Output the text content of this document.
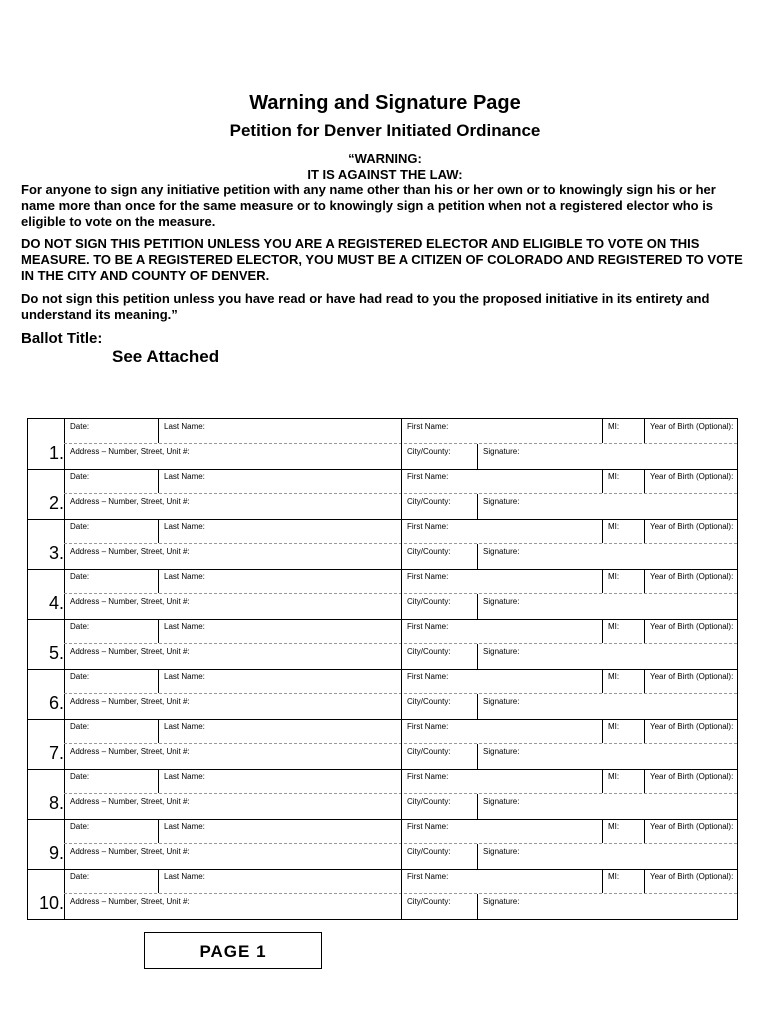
Warning and Signature Page
Petition for Denver Initiated Ordinance
“WARNING:
IT IS AGAINST THE LAW:
For anyone to sign any initiative petition with any name other than his or her own or to knowingly sign his or her name more than once for the same measure or to knowingly sign a petition when not a registered elector who is eligible to vote on the measure.
DO NOT SIGN THIS PETITION UNLESS YOU ARE A REGISTERED ELECTOR AND ELIGIBLE TO VOTE ON THIS MEASURE. TO BE A REGISTERED ELECTOR, YOU MUST BE A CITIZEN OF COLORADO AND REGISTERED TO VOTE IN THE CITY AND COUNTY OF DENVER.
Do not sign this petition unless you have read or have had read to you the proposed initiative in its entirety and understand its meaning.”
Ballot Title:
See Attached
1.
Date:	Last Name:	First Name:	MI:	Year of Birth (Optional):
Address – Number, Street, Unit #:	City/County:	Signature:
2.
Date:	Last Name:	First Name:	MI:	Year of Birth (Optional):
Address – Number, Street, Unit #:	City/County:	Signature:
3.
Date:	Last Name:	First Name:	MI:	Year of Birth (Optional):
Address – Number, Street, Unit #:	City/County:	Signature:
4.
Date:	Last Name:	First Name:	MI:	Year of Birth (Optional):
Address – Number, Street, Unit #:	City/County:	Signature:
5.
Date:	Last Name:	First Name:	MI:	Year of Birth (Optional):
Address – Number, Street, Unit #:	City/County:	Signature:
6.
Date:	Last Name:	First Name:	MI:	Year of Birth (Optional):
Address – Number, Street, Unit #:	City/County:	Signature:
7.
Date:	Last Name:	First Name:	MI:	Year of Birth (Optional):
Address – Number, Street, Unit #:	City/County:	Signature:
8.
Date:	Last Name:	First Name:	MI:	Year of Birth (Optional):
Address – Number, Street, Unit #:	City/County:	Signature:
9.
Date:	Last Name:	First Name:	MI:	Year of Birth (Optional):
Address – Number, Street, Unit #:	City/County:	Signature:
10.
Date:	Last Name:	First Name:	MI:	Year of Birth (Optional):
Address – Number, Street, Unit #:	City/County:	Signature:
PAGE 1
